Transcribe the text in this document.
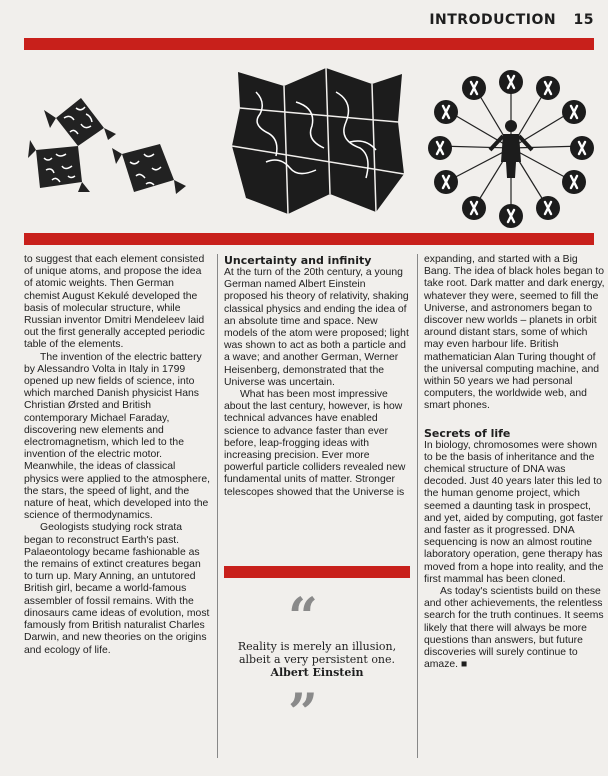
INTRODUCTION 15

to suggest that each element consisted of unique atoms, and propose the idea of atomic weights. Then German chemist August Kekulé developed the basis of molecular structure, while Russian inventor Dmitri Mendeleev laid out the first generally accepted periodic table of the elements.

The invention of the electric battery by Alessandro Volta in Italy in 1799 opened up new fields of science, into which marched Danish physicist Hans Christian Ørsted and British contemporary Michael Faraday, discovering new elements and electromagnetism, which led to the invention of the electric motor. Meanwhile, the ideas of classical physics were applied to the atmosphere, the stars, the speed of light, and the nature of heat, which developed into the science of thermodynamics.

Geologists studying rock strata began to reconstruct Earth's past. Palaeontology became fashionable as the remains of extinct creatures began to turn up. Mary Anning, an untutored British girl, became a world-famous assembler of fossil remains. With the dinosaurs came ideas of evolution, most famously from British naturalist Charles Darwin, and new theories on the origins and ecology of life.

Uncertainty and infinity

At the turn of the 20th century, a young German named Albert Einstein proposed his theory of relativity, shaking classical physics and ending the idea of an absolute time and space. New models of the atom were proposed; light was shown to act as both a particle and a wave; and another German, Werner Heisenberg, demonstrated that the Universe was uncertain.

What has been most impressive about the last century, however, is how technical advances have enabled science to advance faster than ever before, leap-frogging ideas with increasing precision. Ever more powerful particle colliders revealed new fundamental units of matter. Stronger telescopes showed that the Universe is

“
Reality is merely an illusion, albeit a very persistent one.
Albert Einstein
”

expanding, and started with a Big Bang. The idea of black holes began to take root. Dark matter and dark energy, whatever they were, seemed to fill the Universe, and astronomers began to discover new worlds – planets in orbit around distant stars, some of which may even harbour life. British mathematician Alan Turing thought of the universal computing machine, and within 50 years we had personal computers, the worldwide web, and smart phones.

Secrets of life

In biology, chromosomes were shown to be the basis of inheritance and the chemical structure of DNA was decoded. Just 40 years later this led to the human genome project, which seemed a daunting task in prospect, and yet, aided by computing, got faster and faster as it progressed. DNA sequencing is now an almost routine laboratory operation, gene therapy has moved from a hope into reality, and the first mammal has been cloned.

As today's scientists build on these and other achievements, the relentless search for the truth continues. It seems likely that there will always be more questions than answers, but future discoveries will surely continue to amaze. ■
